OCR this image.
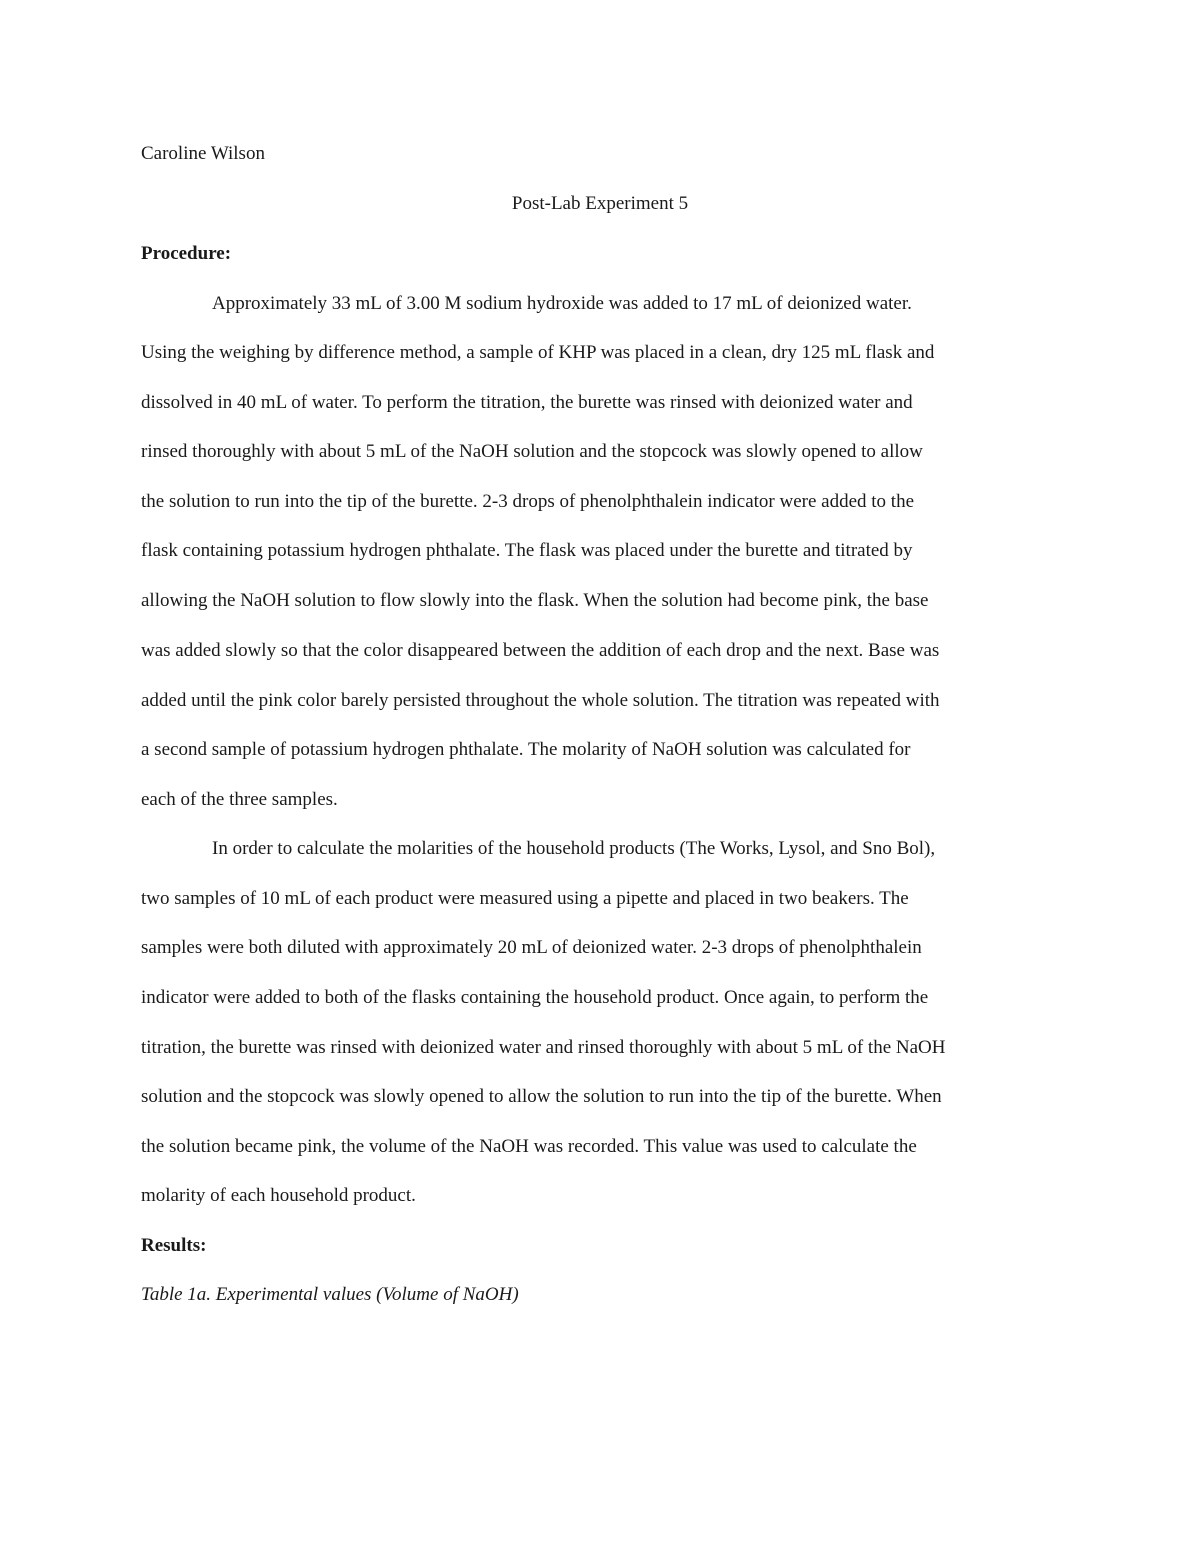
Caroline Wilson
Post-Lab Experiment 5
Procedure:
Approximately 33 mL of 3.00 M sodium hydroxide was added to 17 mL of deionized water.
Using the weighing by difference method, a sample of KHP was placed in a clean, dry 125 mL flask and
dissolved in 40 mL of water. To perform the titration, the burette was rinsed with deionized water and
rinsed thoroughly with about 5 mL of the NaOH solution and the stopcock was slowly opened to allow
the solution to run into the tip of the burette. 2-3 drops of phenolphthalein indicator were added to the
flask containing potassium hydrogen phthalate. The flask was placed under the burette and titrated by
allowing the NaOH solution to flow slowly into the flask. When the solution had become pink, the base
was added slowly so that the color disappeared between the addition of each drop and the next. Base was
added until the pink color barely persisted throughout the whole solution. The titration was repeated with
a second sample of potassium hydrogen phthalate. The molarity of NaOH solution was calculated for
each of the three samples.
In order to calculate the molarities of the household products (The Works, Lysol, and Sno Bol),
two samples of 10 mL of each product were measured using a pipette and placed in two beakers. The
samples were both diluted with approximately 20 mL of deionized water. 2-3 drops of phenolphthalein
indicator were added to both of the flasks containing the household product. Once again, to perform the
titration, the burette was rinsed with deionized water and rinsed thoroughly with about 5 mL of the NaOH
solution and the stopcock was slowly opened to allow the solution to run into the tip of the burette. When
the solution became pink, the volume of the NaOH was recorded. This value was used to calculate the
molarity of each household product.
Results:
Table 1a. Experimental values (Volume of NaOH)
